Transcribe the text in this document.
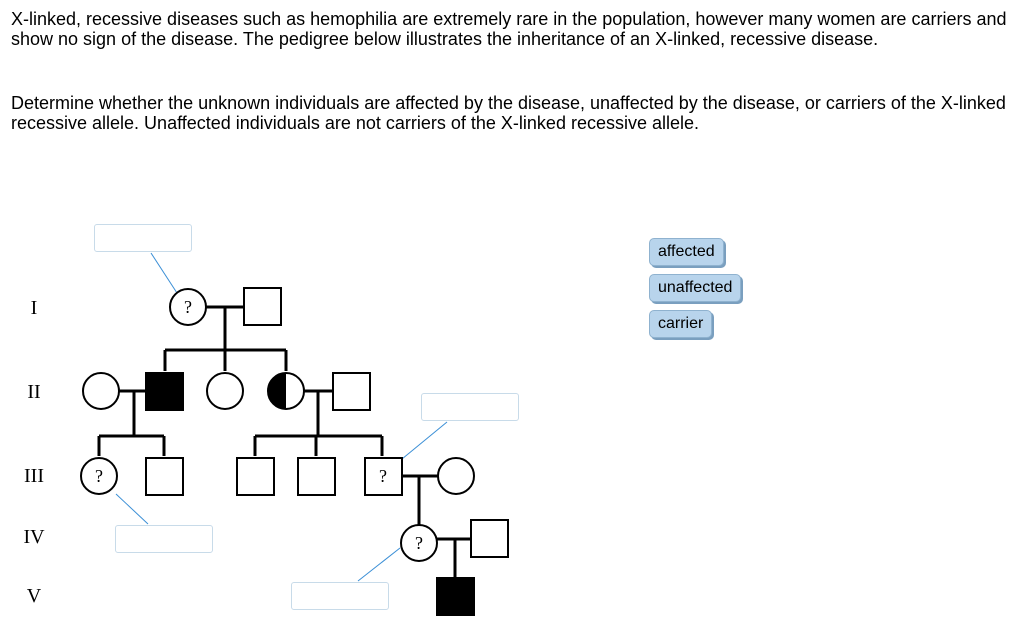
X-linked, recessive diseases such as hemophilia are extremely rare in the population, however many women are carriers and show no sign of the disease. The pedigree below illustrates the inheritance of an X-linked, recessive disease.

Determine whether the unknown individuals are affected by the disease, unaffected by the disease, or carriers of the X-linked recessive allele. Unaffected individuals are not carriers of the X-linked recessive allele.

I
II
III
IV
V
?
?	?
?
affected
unaffected
carrier
